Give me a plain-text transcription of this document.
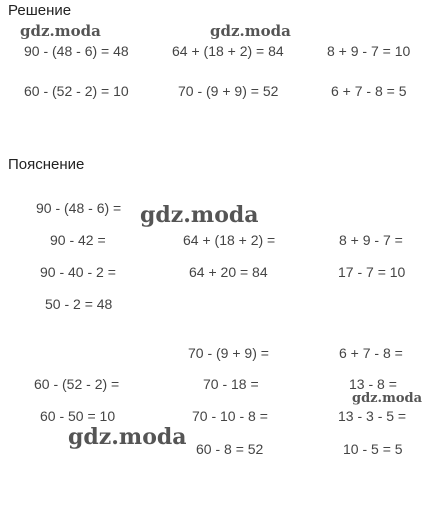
Решение
Пояснение
90 - (48 - 6) = 48	64 + (18 + 2) = 84	8 + 9 - 7 = 10
60 - (52 - 2) = 10	70 - (9 + 9) = 52	6 + 7 - 8 = 5
90 - (48 - 6) =
90 - 42 =
90 - 40 - 2 =
50 - 2 = 48
64 + (18 + 2) =
64 + 20 = 84
8 + 9 - 7 =
17 - 7 = 10
60 - (52 - 2) =
60 - 50 = 10
70 - (9 + 9) =
70 - 18 =
70 - 10 - 8 =
60 - 8 = 52
6 + 7 - 8 =
13 - 8 =
13 - 3 - 5 =
10 - 5 = 5
gdz.moda	gdz.moda
gdz.moda
gdz.moda
gdz.moda
